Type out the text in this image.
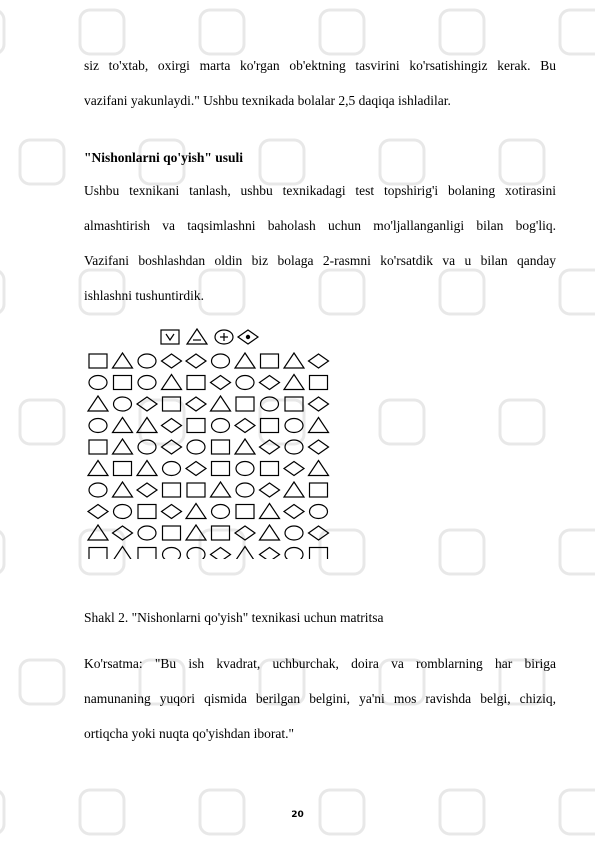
siz to'xtab, oxirgi marta ko'rgan ob'ektning tasvirini ko'rsatishingiz kerak. Bu
vazifani yakunlaydi." Ushbu texnikada bolalar 2,5 daqiqa ishladilar.

"Nishonlarni qo'yish" usuli

Ushbu texnikani tanlash, ushbu texnikadagi test topshirig'i bolaning xotirasini
almashtirish va taqsimlashni baholash uchun mo'ljallanganligi bilan bog'liq.
Vazifani boshlashdan oldin biz bolaga 2-rasmni ko'rsatdik va u bilan qanday
ishlashni tushuntirdik.

Shakl 2. "Nishonlarni qo'yish" texnikasi uchun matritsa

Ko'rsatma: "Bu ish kvadrat, uchburchak, doira va romblarning har biriga
namunaning yuqori qismida berilgan belgini, ya'ni mos ravishda belgi, chiziq,
ortiqcha yoki nuqta qo'yishdan iborat."
20
